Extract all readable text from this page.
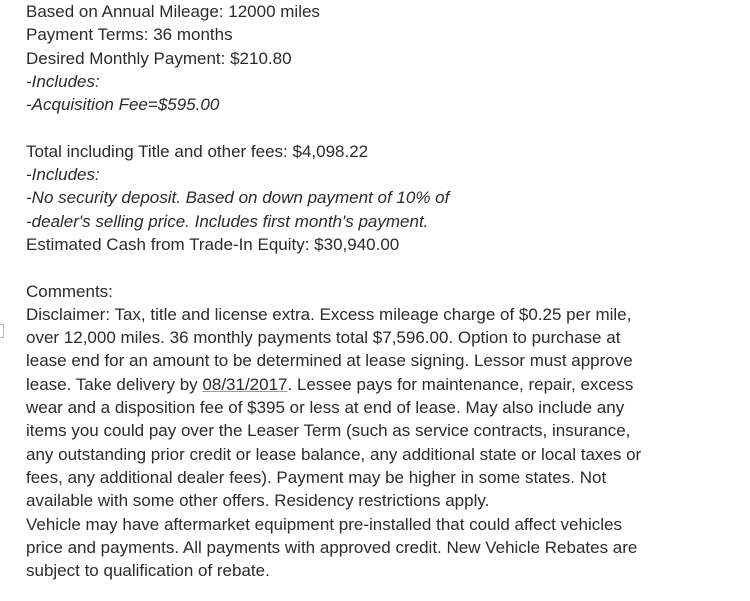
Based on Annual Mileage: 12000 miles
Payment Terms: 36 months
Desired Monthly Payment: $210.80
-Includes:
-Acquisition Fee=$595.00
Total including Title and other fees: $4,098.22
-Includes:
-No security deposit. Based on down payment of 10% of
-dealer's selling price. Includes first month's payment.
Estimated Cash from Trade-In Equity: $30,940.00
Comments:
Disclaimer: Tax, title and license extra. Excess mileage charge of $0.25 per mile,
over 12,000 miles. 36 monthly payments total $7,596.00. Option to purchase at
lease end for an amount to be determined at lease signing. Lessor must approve
lease. Take delivery by 08/31/2017. Lessee pays for maintenance, repair, excess
wear and a disposition fee of $395 or less at end of lease. May also include any
items you could pay over the Leaser Term (such as service contracts, insurance,
any outstanding prior credit or lease balance, any additional state or local taxes or
fees, any additional dealer fees). Payment may be higher in some states. Not
available with some other offers. Residency restrictions apply.
Vehicle may have aftermarket equipment pre-installed that could affect vehicles
price and payments. All payments with approved credit. New Vehicle Rebates are
subject to qualification of rebate.
